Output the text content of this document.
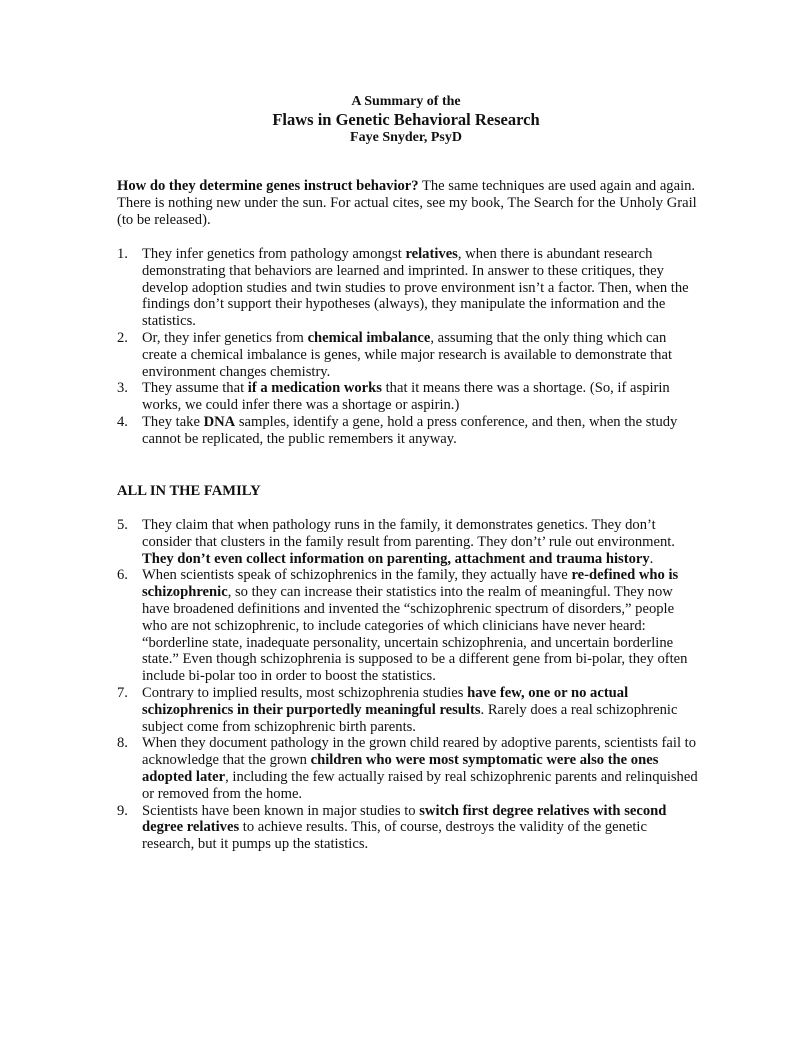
A Summary of the
Flaws in Genetic Behavioral Research
Faye Snyder, PsyD
How do they determine genes instruct behavior? The same techniques are used again and again. There is nothing new under the sun. For actual cites, see my book, The Search for the Unholy Grail (to be released).
1. They infer genetics from pathology amongst relatives, when there is abundant research demonstrating that behaviors are learned and imprinted. In answer to these critiques, they develop adoption studies and twin studies to prove environment isn’t a factor. Then, when the findings don’t support their hypotheses (always), they manipulate the information and the statistics.
2. Or, they infer genetics from chemical imbalance, assuming that the only thing which can create a chemical imbalance is genes, while major research is available to demonstrate that environment changes chemistry.
3. They assume that if a medication works that it means there was a shortage. (So, if aspirin works, we could infer there was a shortage or aspirin.)
4. They take DNA samples, identify a gene, hold a press conference, and then, when the study cannot be replicated, the public remembers it anyway.
ALL IN THE FAMILY
5. They claim that when pathology runs in the family, it demonstrates genetics. They don’t consider that clusters in the family result from parenting. They don’t’ rule out environment. They don’t even collect information on parenting, attachment and trauma history.
6. When scientists speak of schizophrenics in the family, they actually have re-defined who is schizophrenic, so they can increase their statistics into the realm of meaningful. They now have broadened definitions and invented the “schizophrenic spectrum of disorders,” people who are not schizophrenic, to include categories of which clinicians have never heard: “borderline state, inadequate personality, uncertain schizophrenia, and uncertain borderline state.” Even though schizophrenia is supposed to be a different gene from bi-polar, they often include bi-polar too in order to boost the statistics.
7. Contrary to implied results, most schizophrenia studies have few, one or no actual schizophrenics in their purportedly meaningful results. Rarely does a real schizophrenic subject come from schizophrenic birth parents.
8. When they document pathology in the grown child reared by adoptive parents, scientists fail to acknowledge that the grown children who were most symptomatic were also the ones adopted later, including the few actually raised by real schizophrenic parents and relinquished or removed from the home.
9. Scientists have been known in major studies to switch first degree relatives with second degree relatives to achieve results. This, of course, destroys the validity of the genetic research, but it pumps up the statistics.
